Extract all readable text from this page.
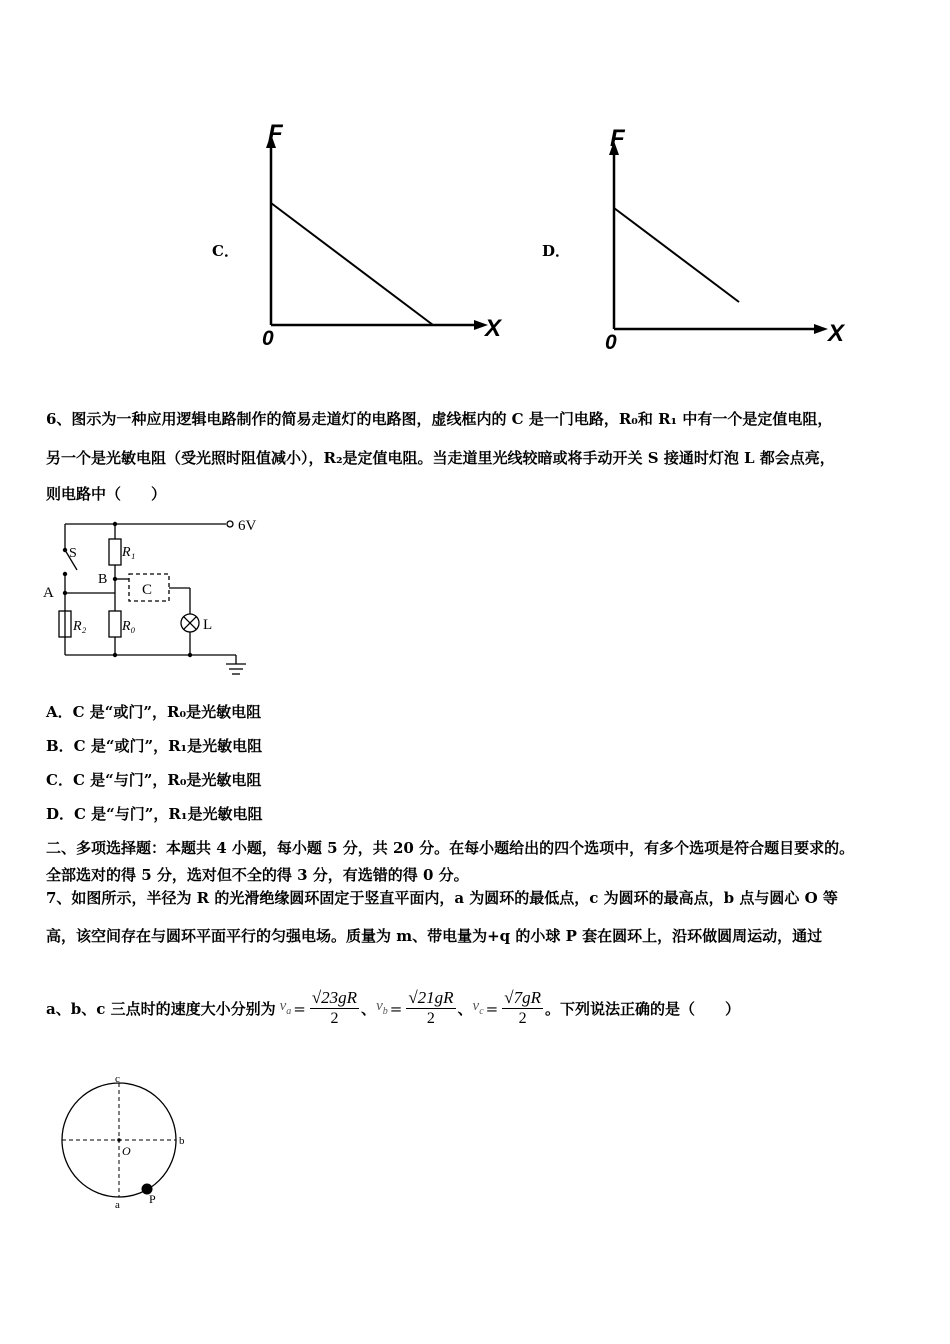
C．
F
X
0
D．
F
X
0
6、图示为一种应用逻辑电路制作的简易走道灯的电路图，虚线框内的 C 是一门电路，R₀和 R₁ 中有一个是定值电阻，
另一个是光敏电阻（受光照时阻值减小），R₂是定值电阻。当走道里光线较暗或将手动开关 S 接通时灯泡 L 都会点亮，
则电路中（　　）
6V
S	R₁
B
C
A
R₂	R₀	L
A．C 是“或门”，R₀是光敏电阻
B．C 是“或门”，R₁是光敏电阻
C．C 是“与门”，R₀是光敏电阻
D．C 是“与门”，R₁是光敏电阻
二、多项选择题：本题共 4 小题，每小题 5 分，共 20 分。在每小题给出的四个选项中，有多个选项是符合题目要求的。
全部选对的得 5 分，选对但不全的得 3 分，有选错的得 0 分。
7、如图所示，半径为 R 的光滑绝缘圆环固定于竖直平面内，a 为圆环的最低点，c 为圆环的最高点，b 点与圆心 O 等
高，该空间存在与圆环平面平行的匀强电场。质量为 m、带电量为+q 的小球 P 套在圆环上，沿环做圆周运动，通过
a、b、c 三点时的速度大小分别为 $v_a = \frac{√23gR}{2}$ 、 $v_b = \frac{√21gR}{2}$ 、 $v_c = \frac{√7gR}{2}$ 。下列说法正确的是（　　）
c
b
O
a P
